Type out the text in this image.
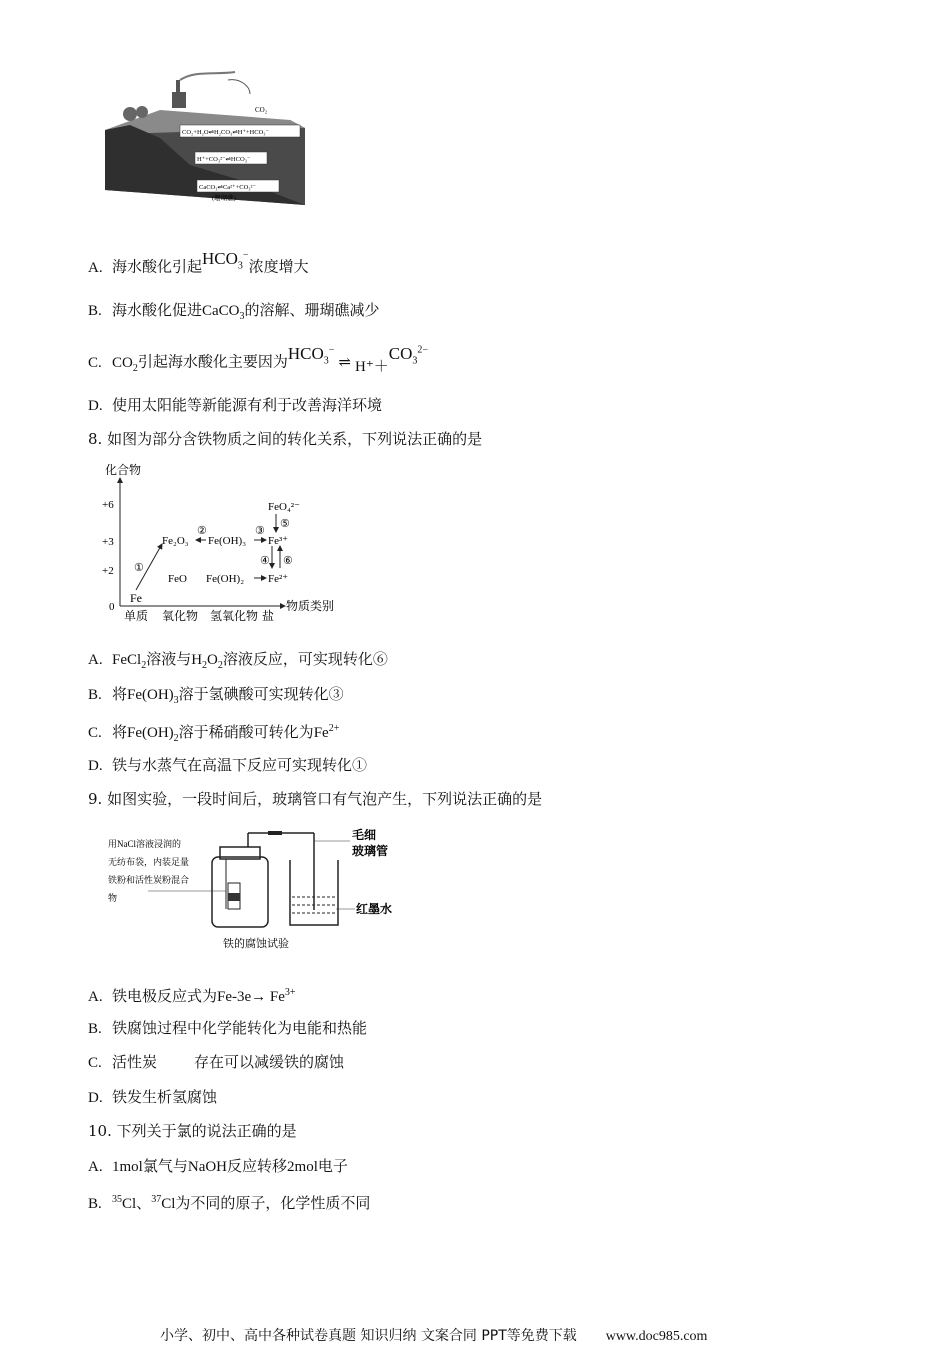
CO₂
CO₂+H₂O⇌H₂CO₃⇌H⁺+HCO₃⁻
H⁺+CO₃²⁻⇌HCO₃⁻
CaCO₃⇌Ca²⁺+CO₃²⁻
(珊瑚礁)
A. 海水酸化引起$HCO_3^-$浓度增大
B. 海水酸化促进CaCO$_3$的溶解、珊瑚礁减少
C. $CO_2$引起海水酸化主要因为$HCO_3^-\rightleftharpoons$ $H^++CO_3^{2-}$
D. 使用太阳能等新能源有利于改善海洋环境
8. 如图为部分含铁物质之间的转化关系，下列说法正确的是
化合物
+6
+3
+2
0	物质类别
单质 氧化物 氢氧化物 盐
Fe
Fe₂O₃
FeO
Fe(OH)₃
Fe(OH)₂
Fe³⁺
Fe²⁺
FeO₄²⁻
①
②	③
⑤
④ ⑥
A. FeCl$_2$溶液与$H_2O_2$溶液反应，可实现转化⑥
B. 将$Fe(OH)_3$溶于氢碘酸可实现转化③
C. 将$Fe(OH)_2$溶于稀硝酸可转化为$Fe^{2+}$
D. 铁与水蒸气在高温下反应可实现转化①
9. 如图实验，一段时间后，玻璃管口有气泡产生，下列说法正确的是
用NaCl溶液浸润的
无纺布袋，内装足量
铁粉和活性炭粉混合
物
毛细
玻璃管
红墨水
铁的腐蚀试验
A. 铁电极反应式为$Fe-3e\to Fe^{3+}$
B. 铁腐蚀过程中化学能转化为电能和热能
C. 活性炭 存在可以减缓铁的腐蚀
D. 铁发生析氢腐蚀
10. 下列关于氯的说法正确的是
A. 1mol氯气与NaOH反应转移2mol电子
B. $^{35}$Cl、$^{37}$Cl为不同的原子，化学性质不同
小学、初中、高中各种试卷真题 知识归纳 文案合同 PPT等免费下载 www.doc985.com
